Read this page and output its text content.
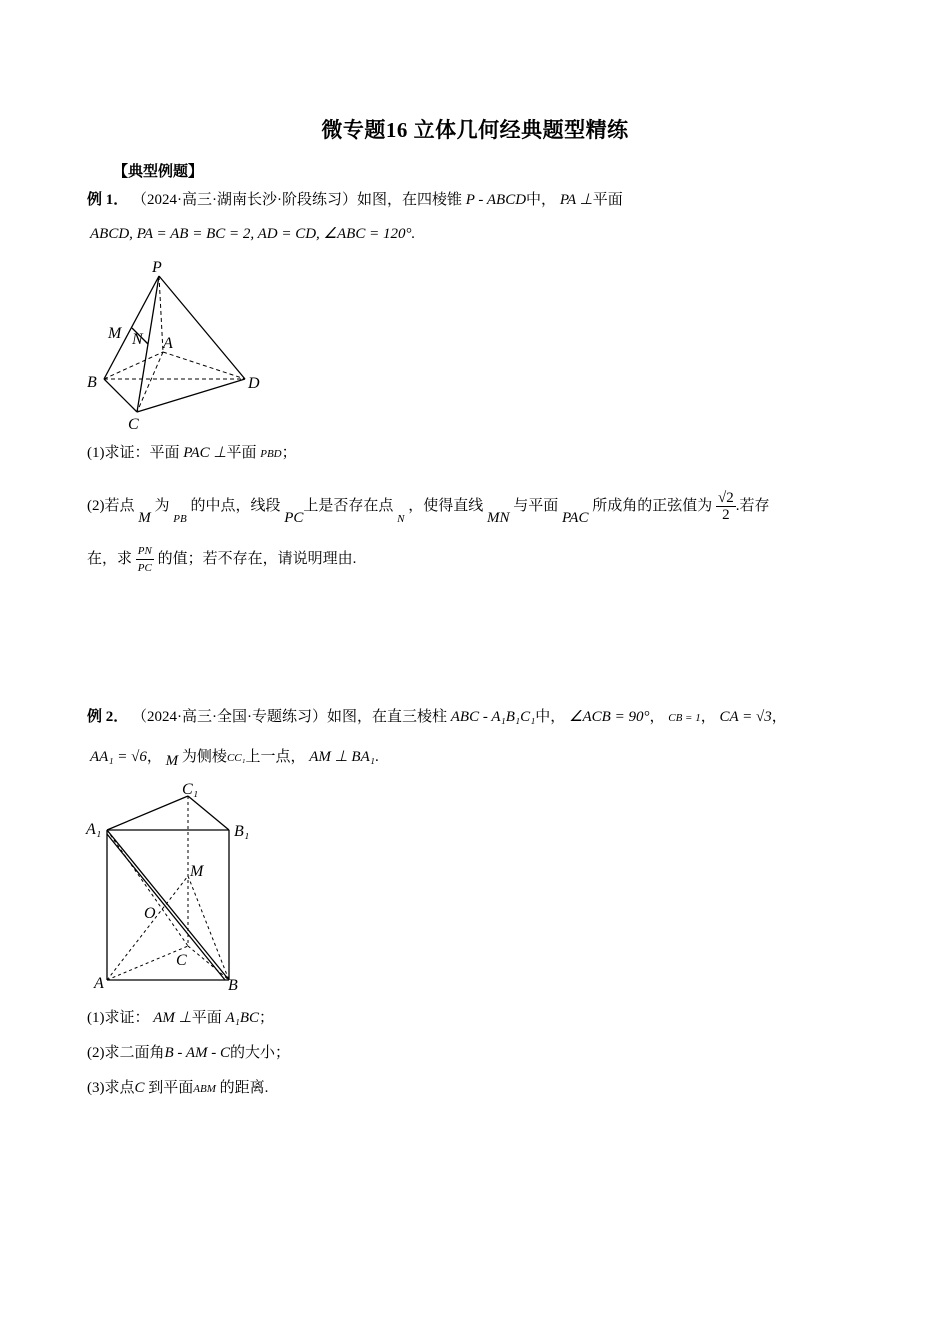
微专题16 立体几何经典题型精练
【典型例题】
例 1． （2024·高三·湖南长沙·阶段练习）如图，在四棱锥 P - ABCD中， PA ⊥平面
ABCD, PA = AB = BC = 2, AD = CD, ∠ABC = 120°.
P
M N A
B
C
D
(1)求证：平面 PAC ⊥平面 PBD；
(2)若点 M 为 $_{PB}$ 的中点，线段 PC上是否存在点 $_N$ ，使得直线 MN 与平面 PAC 所成角的正弦值为 $\frac{√2}{2}$ .若存
在，求 $\frac{PN}{PC}$ 的值；若不存在，请说明理由.
例 2． （2024·高三·全国·专题练习）如图，在直三棱柱 ABC - A₁B₁C₁中， ∠ACB = 90°， CB = 1， CA = √3，
AA₁ = √6， M 为侧棱CC₁上一点， AM ⊥ BA₁.
C₁
A₁	B₁
M
O
C
A	B
(1)求证： AM ⊥平面 A₁BC；
(2)求二面角B - AM - C的大小；
(3)求点C 到平面ABM 的距离.
